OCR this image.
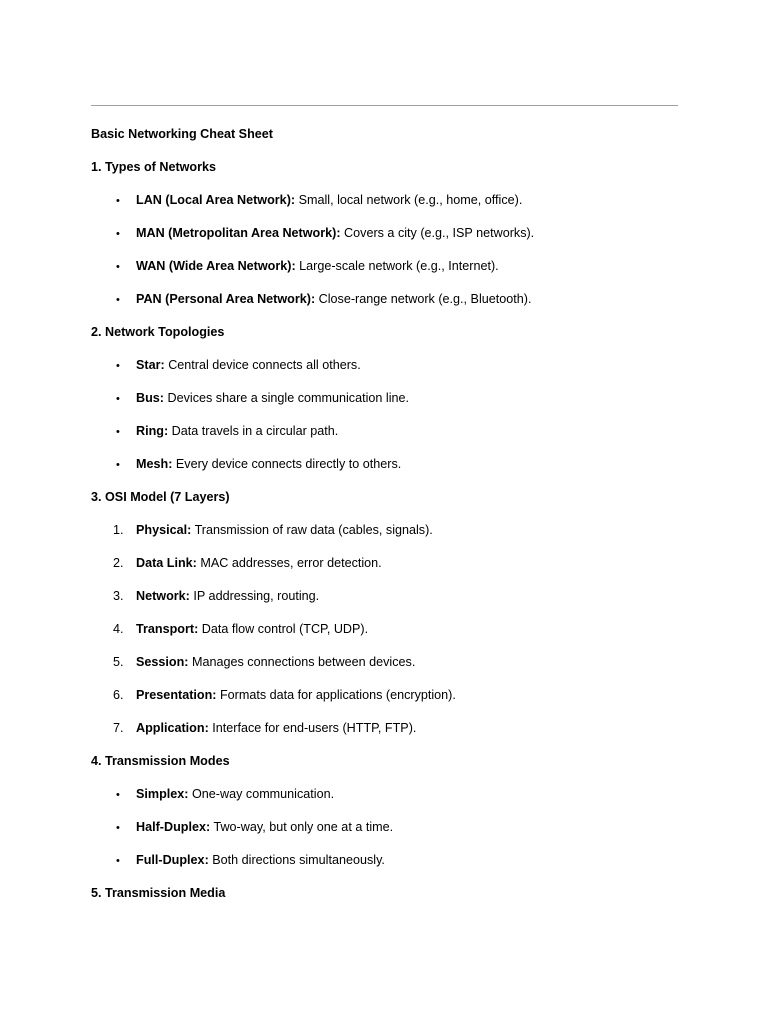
Basic Networking Cheat Sheet
1. Types of Networks
•	LAN (Local Area Network): Small, local network (e.g., home, office).
•	MAN (Metropolitan Area Network): Covers a city (e.g., ISP networks).
•	WAN (Wide Area Network): Large-scale network (e.g., Internet).
•	PAN (Personal Area Network): Close-range network (e.g., Bluetooth).
2. Network Topologies
•	Star: Central device connects all others.
•	Bus: Devices share a single communication line.
•	Ring: Data travels in a circular path.
•	Mesh: Every device connects directly to others.
3. OSI Model (7 Layers)
1. Physical: Transmission of raw data (cables, signals).
2. Data Link: MAC addresses, error detection.
3. Network: IP addressing, routing.
4. Transport: Data flow control (TCP, UDP).
5. Session: Manages connections between devices.
6. Presentation: Formats data for applications (encryption).
7. Application: Interface for end-users (HTTP, FTP).
4. Transmission Modes
•	Simplex: One-way communication.
•	Half-Duplex: Two-way, but only one at a time.
•	Full-Duplex: Both directions simultaneously.
5. Transmission Media
